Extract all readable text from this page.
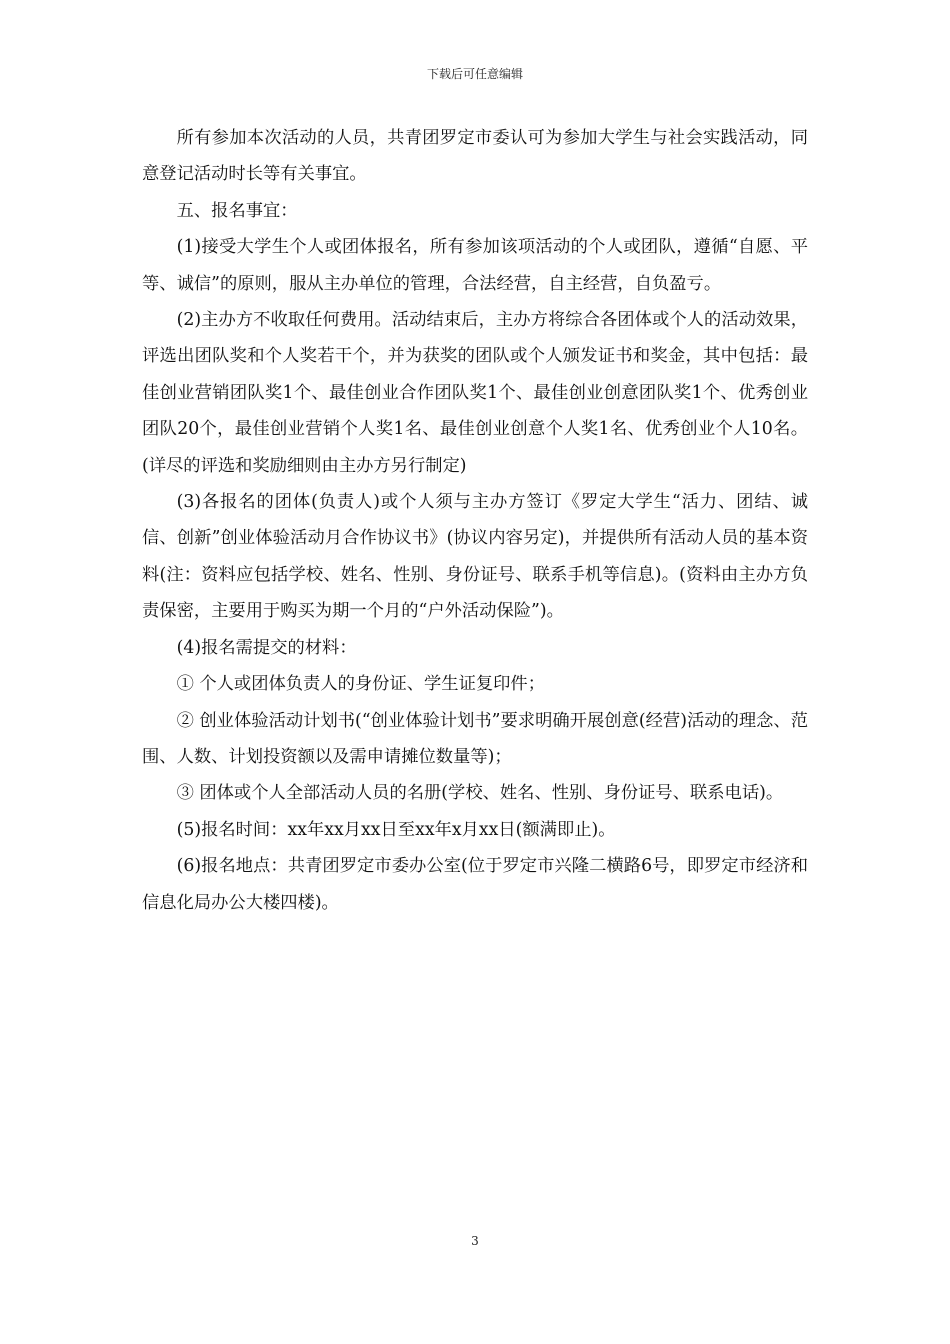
下载后可任意编辑

所有参加本次活动的人员，共青团罗定市委认可为参加大学生与社会实践活动，同意登记活动时长等有关事宜。

五、报名事宜：

(1)接受大学生个人或团体报名，所有参加该项活动的个人或团队，遵循“自愿、平等、诚信”的原则，服从主办单位的管理，合法经营，自主经营，自负盈亏。

(2)主办方不收取任何费用。活动结束后，主办方将综合各团体或个人的活动效果，评选出团队奖和个人奖若干个，并为获奖的团队或个人颁发证书和奖金，其中包括：最佳创业营销团队奖1个、最佳创业合作团队奖1个、最佳创业创意团队奖1个、优秀创业团队20个，最佳创业营销个人奖1名、最佳创业创意个人奖1名、优秀创业个人10名。(详尽的评选和奖励细则由主办方另行制定)

(3)各报名的团体(负责人)或个人须与主办方签订《罗定大学生“活力、团结、诚信、创新”创业体验活动月合作协议书》(协议内容另定)，并提供所有活动人员的基本资料(注：资料应包括学校、姓名、性别、身份证号、联系手机等信息)。(资料由主办方负责保密，主要用于购买为期一个月的“户外活动保险”)。

(4)报名需提交的材料：

① 个人或团体负责人的身份证、学生证复印件；

② 创业体验活动计划书(“创业体验计划书”要求明确开展创意(经营)活动的理念、范围、人数、计划投资额以及需申请摊位数量等)；

③ 团体或个人全部活动人员的名册(学校、姓名、性别、身份证号、联系电话)。

(5)报名时间：xx年xx月xx日至xx年x月xx日(额满即止)。

(6)报名地点：共青团罗定市委办公室(位于罗定市兴隆二横路6号，即罗定市经济和信息化局办公大楼四楼)。

3
